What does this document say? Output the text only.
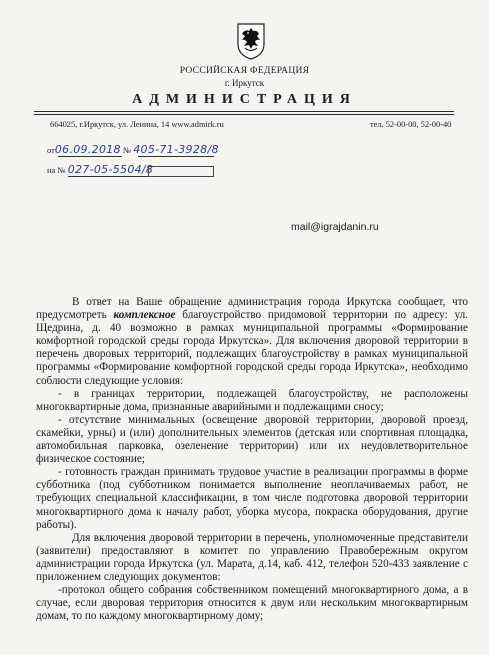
РОССИЙСКАЯ ФЕДЕРАЦИЯ
г. Иркутск
АДМИНИСТРАЦИЯ
664025, г.Иркутск, ул. Ленина, 14 www.admirk.ru	тел. 52-00-00, 52-00-40
от06.09.2018 № 405-71-3928/8
на № 027-05-5504/8
mail@igrajdanin.ru

В ответ на Ваше обращение администрация города Иркутска сообщает, что предусмотреть комплексное благоустройство придомовой территории по адресу: ул. Щедрина, д. 40 возможно в рамках муниципальной программы «Формирование комфортной городской среды города Иркутска». Для включения дворовой территории в перечень дворовых территорий, подлежащих благоустройству в рамках муниципальной программы «Формирование комфортной городской среды города Иркутска», необходимо соблюсти следующие условия:

- в границах территории, подлежащей благоустройству, не расположены многоквартирные дома, признанные аварийными и подлежащими сносу;

- отсутствие минимальных (освещение дворовой территории, дворовой проезд, скамейки, урны) и (или) дополнительных элементов (детская или спортивная площадка, автомобильная парковка, озеленение территории) или их неудовлетворительное физическое состояние;

- готовность граждан принимать трудовое участие в реализации программы в форме субботника (под субботником понимается выполнение неоплачиваемых работ, не требующих специальной классификации, в том числе подготовка дворовой территории многоквартирного дома к началу работ, уборка мусора, покраска оборудования, другие работы).

Для включения дворовой территории в перечень, уполномоченные представители (заявители) предоставляют в комитет по управлению Правобережным округом администрации города Иркутска (ул. Марата, д.14, каб. 412, телефон 520-433 заявление с приложением следующих документов:

-протокол общего собрания собственником помещений многоквартирного дома, а в случае, если дворовая территория относится к двум или нескольким многоквартирным домам, то по каждому многоквартирному дому;
